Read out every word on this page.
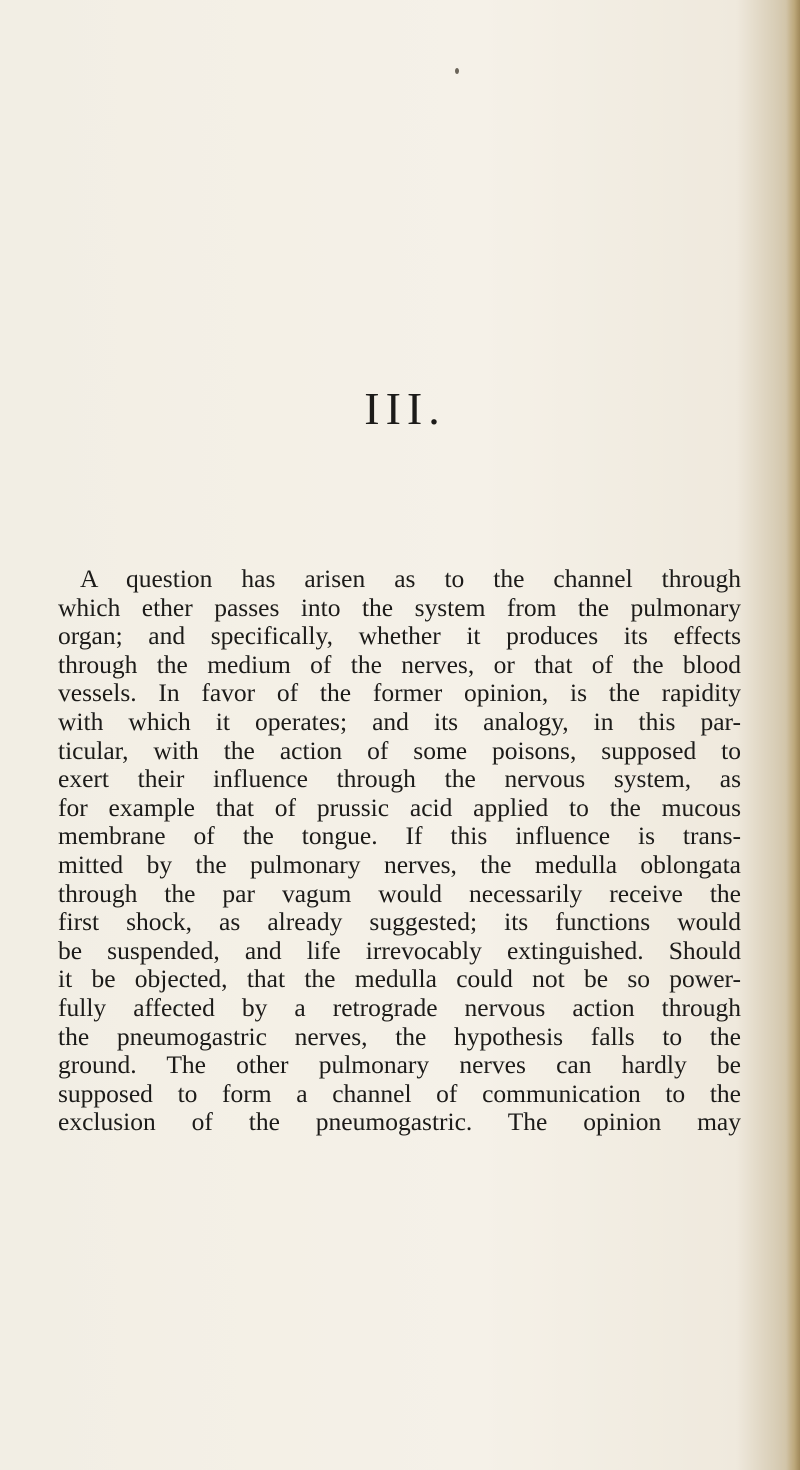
III.
A question has arisen as to the channel through
which ether passes into the system from the pulmonary
organ; and specifically, whether it produces its effects
through the medium of the nerves, or that of the blood
vessels. In favor of the former opinion, is the rapidity
with which it operates; and its analogy, in this par-
ticular, with the action of some poisons, supposed to
exert their influence through the nervous system, as
for example that of prussic acid applied to the mucous
membrane of the tongue. If this influence is trans-
mitted by the pulmonary nerves, the medulla oblongata
through the par vagum would necessarily receive the
first shock, as already suggested; its functions would
be suspended, and life irrevocably extinguished. Should
it be objected, that the medulla could not be so power-
fully affected by a retrograde nervous action through
the pneumogastric nerves, the hypothesis falls to the
ground. The other pulmonary nerves can hardly be
supposed to form a channel of communication to the
exclusion of the pneumogastric. The opinion may
